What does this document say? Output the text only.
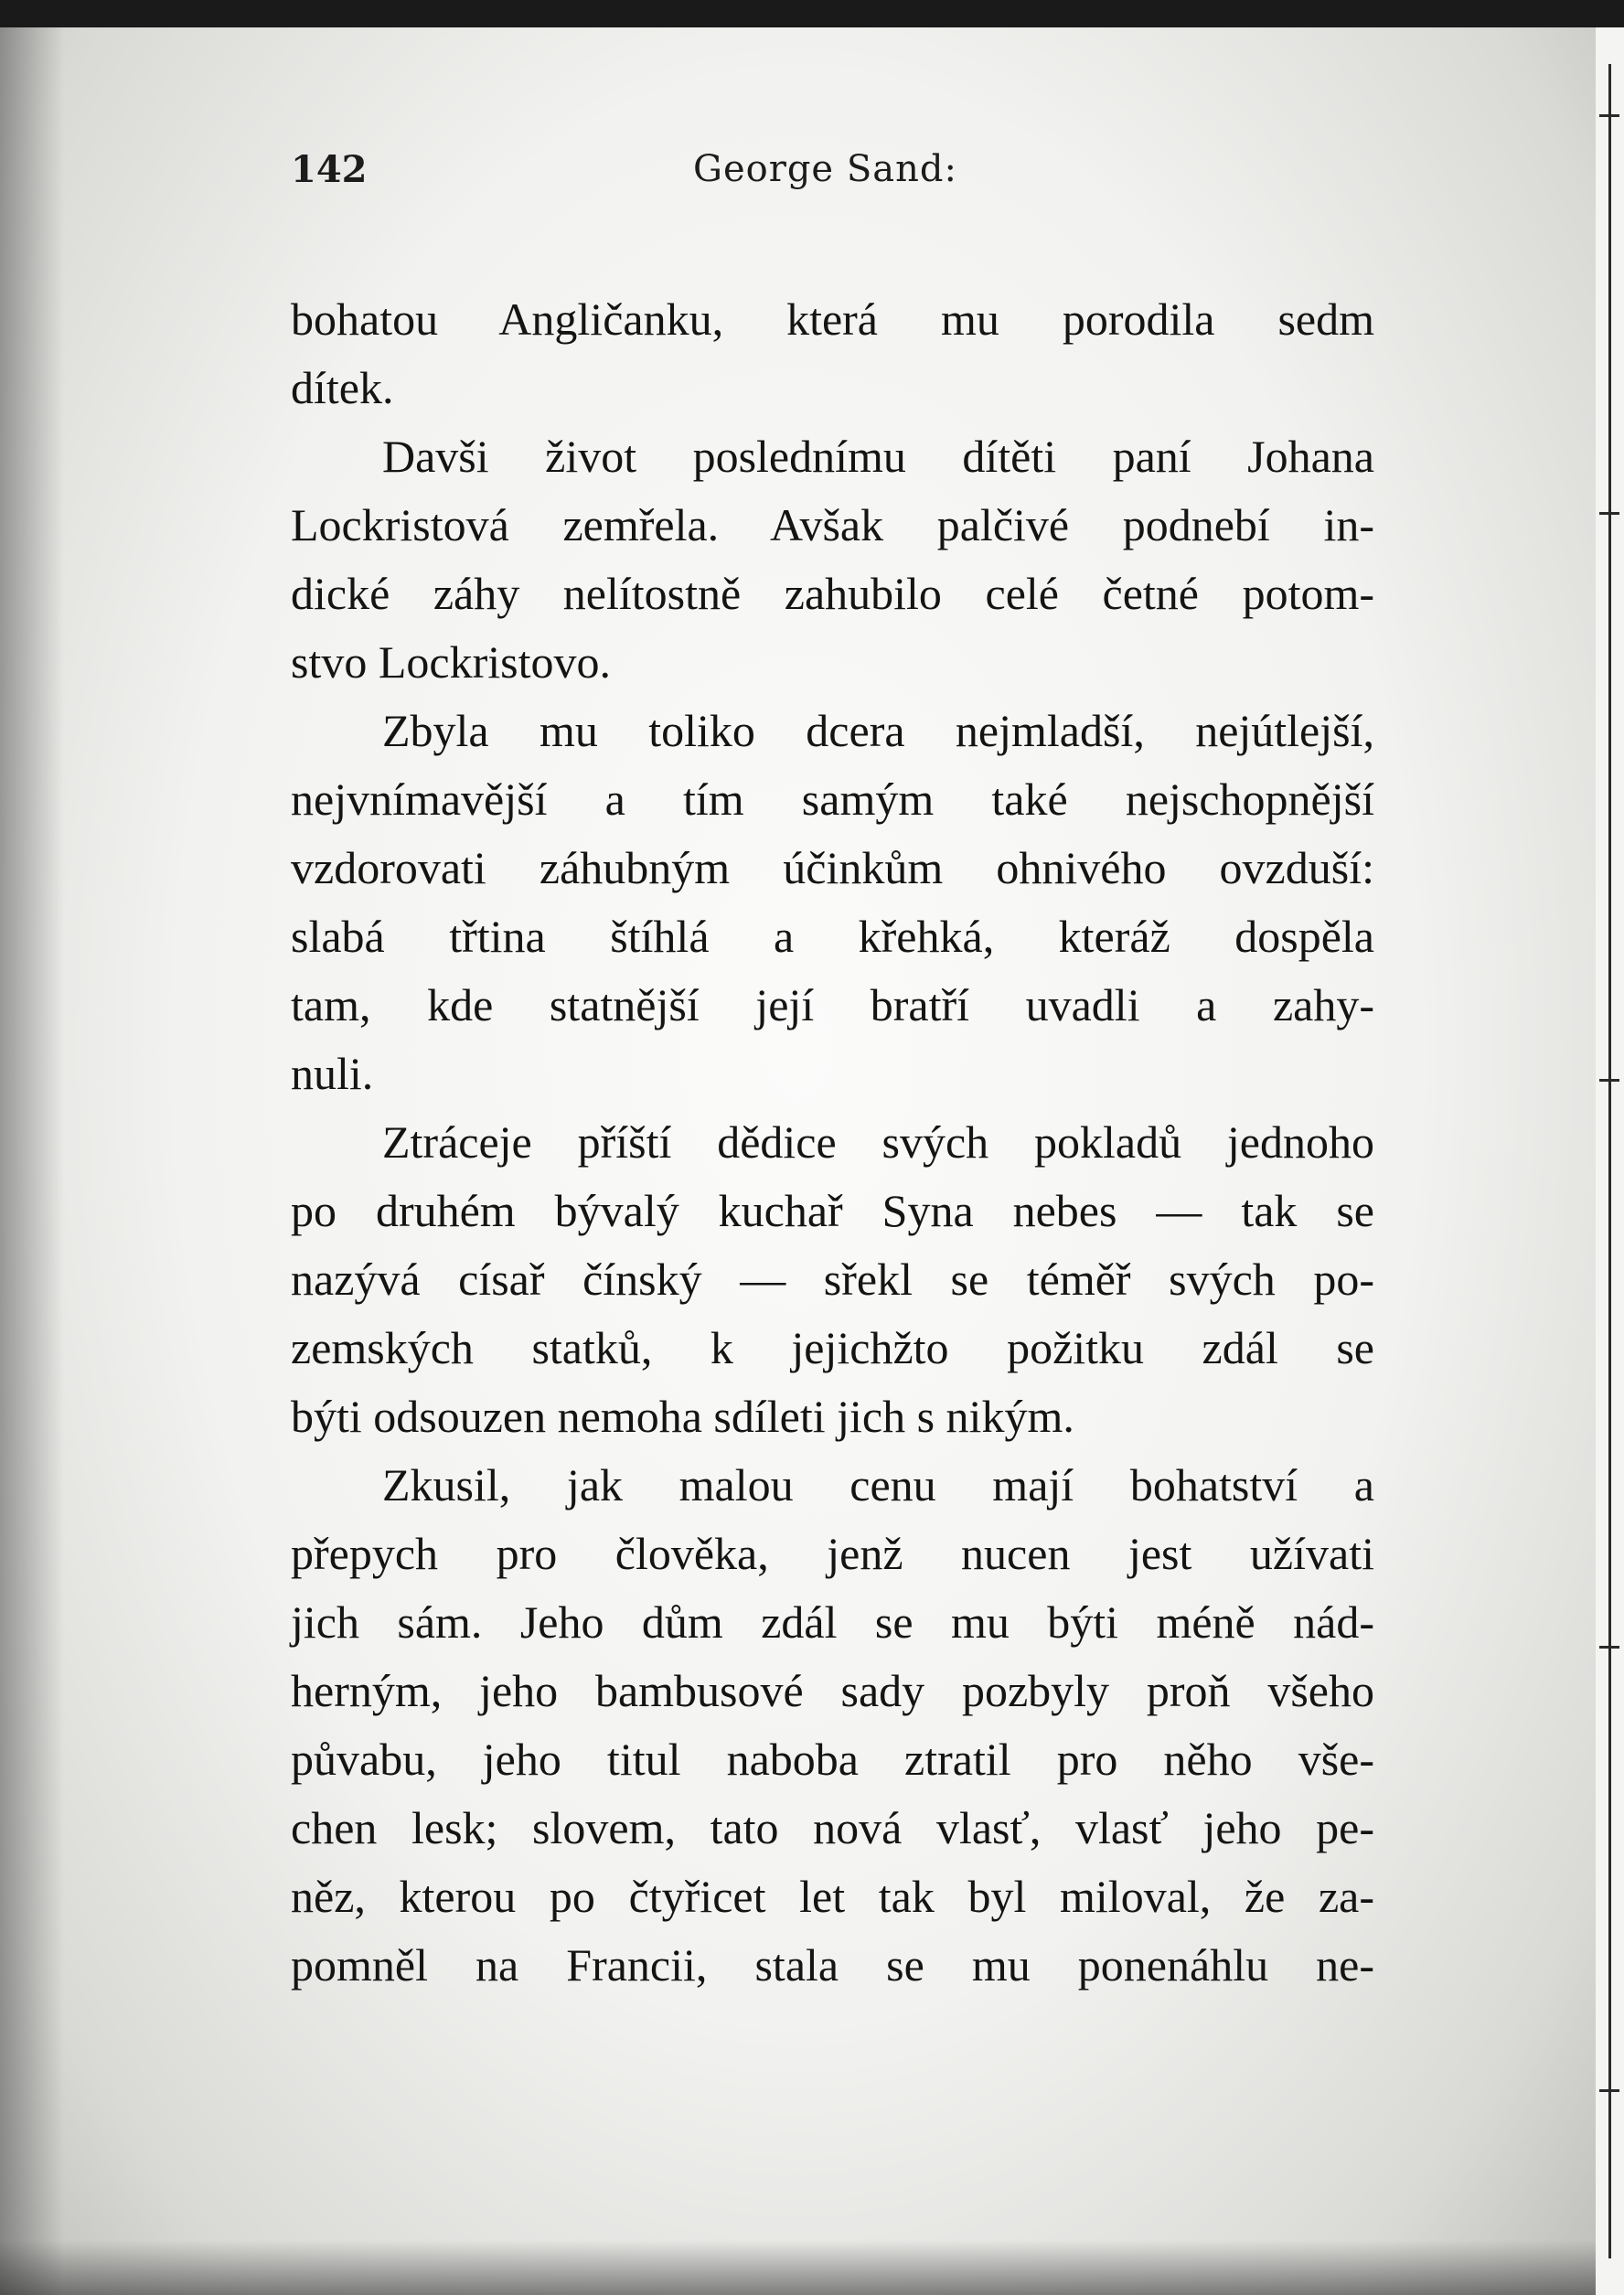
142	George Sand:
bohatou Angličanku, která mu porodila sedm
dítek.
Davši život poslednímu dítěti paní Johana
Lockristová zemřela. Avšak palčivé podnebí in-
dické záhy nelítostně zahubilo celé četné potom-
stvo Lockristovo.
Zbyla mu toliko dcera nejmladší, nejútlejší,
nejvnímavější a tím samým také nejschopnější
vzdorovati záhubným účinkům ohnivého ovzduší:
slabá třtina štíhlá a křehká, kteráž dospěla
tam, kde statnější její bratří uvadli a zahy-
nuli.
Ztráceje příští dědice svých pokladů jednoho
po druhém bývalý kuchař Syna nebes — tak se
nazývá císař čínský — sřekl se téměř svých po-
zemských statků, k jejichžto požitku zdál se
býti odsouzen nemoha sdíleti jich s nikým.
Zkusil, jak malou cenu mají bohatství a
přepych pro člověka, jenž nucen jest užívati
jich sám. Jeho dům zdál se mu býti méně nád-
herným, jeho bambusové sady pozbyly proň všeho
půvabu, jeho titul naboba ztratil pro něho vše-
chen lesk; slovem, tato nová vlasť, vlasť jeho pe-
něz, kterou po čtyřicet let tak byl miloval, že za-
pomněl na Francii, stala se mu ponenáhlu ne-
